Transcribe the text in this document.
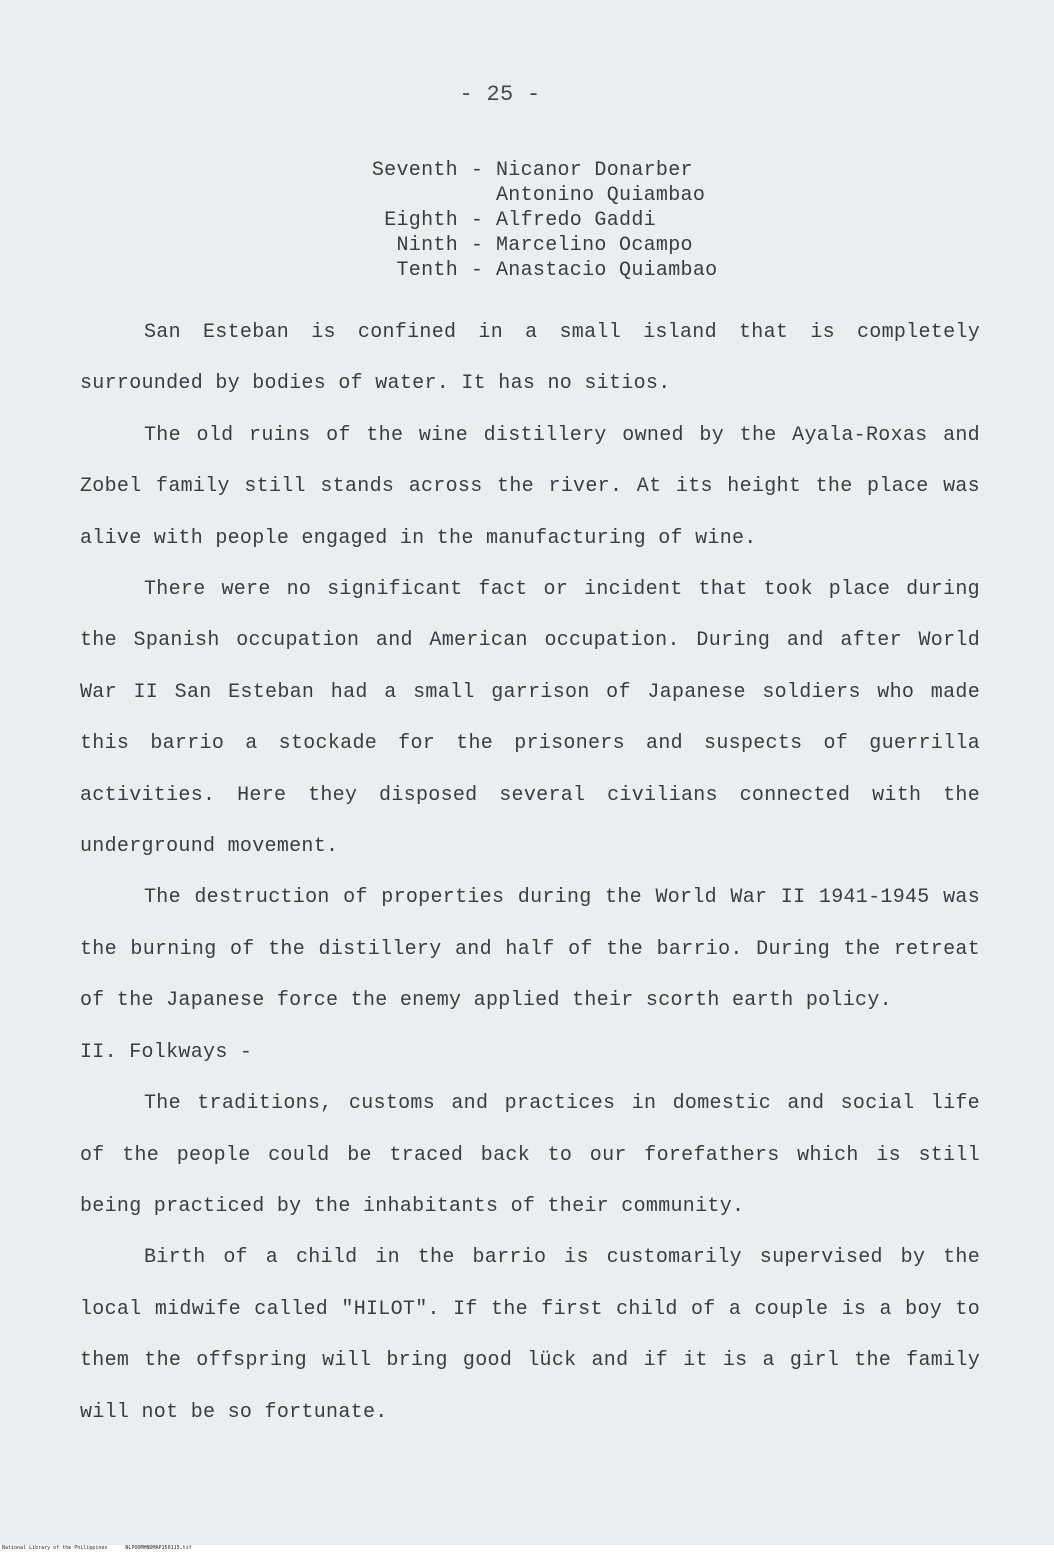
- 25 -
Seventh - Nicanor Donarber
Antonino Quiambao
Eighth - Alfredo Gaddi
Ninth - Marcelino Ocampo
Tenth - Anastacio Quiambao

San Esteban is confined in a small island that is completely surrounded by bodies of water. It has no sitios.

The old ruins of the wine distillery owned by the Ayala-Roxas and Zobel family still stands across the river. At its height the place was alive with people engaged in the manufacturing of wine.

There were no significant fact or incident that took place during the Spanish occupation and American occupation. During and after World War II San Esteban had a small garrison of Japanese soldiers who made this barrio a stockade for the prisoners and suspects of guerrilla activities. Here they disposed several civilians connected with the underground movement.

The destruction of properties during the World War II 1941-1945 was the burning of the distillery and half of the barrio. During the retreat of the Japanese force the enemy applied their scorth earth policy.

II. Folkways -

The traditions, customs and practices in domestic and social life of the people could be traced back to our forefathers which is still being practiced by the inhabitants of their community.

Birth of a child in the barrio is customarily supervised by the local midwife called "HILOT". If the first child of a couple is a boy to them the offspring will bring good lück and if it is a girl the family will not be so fortunate.

National Library of the Philippines	NLPOOMHNDMAP150115.tif
